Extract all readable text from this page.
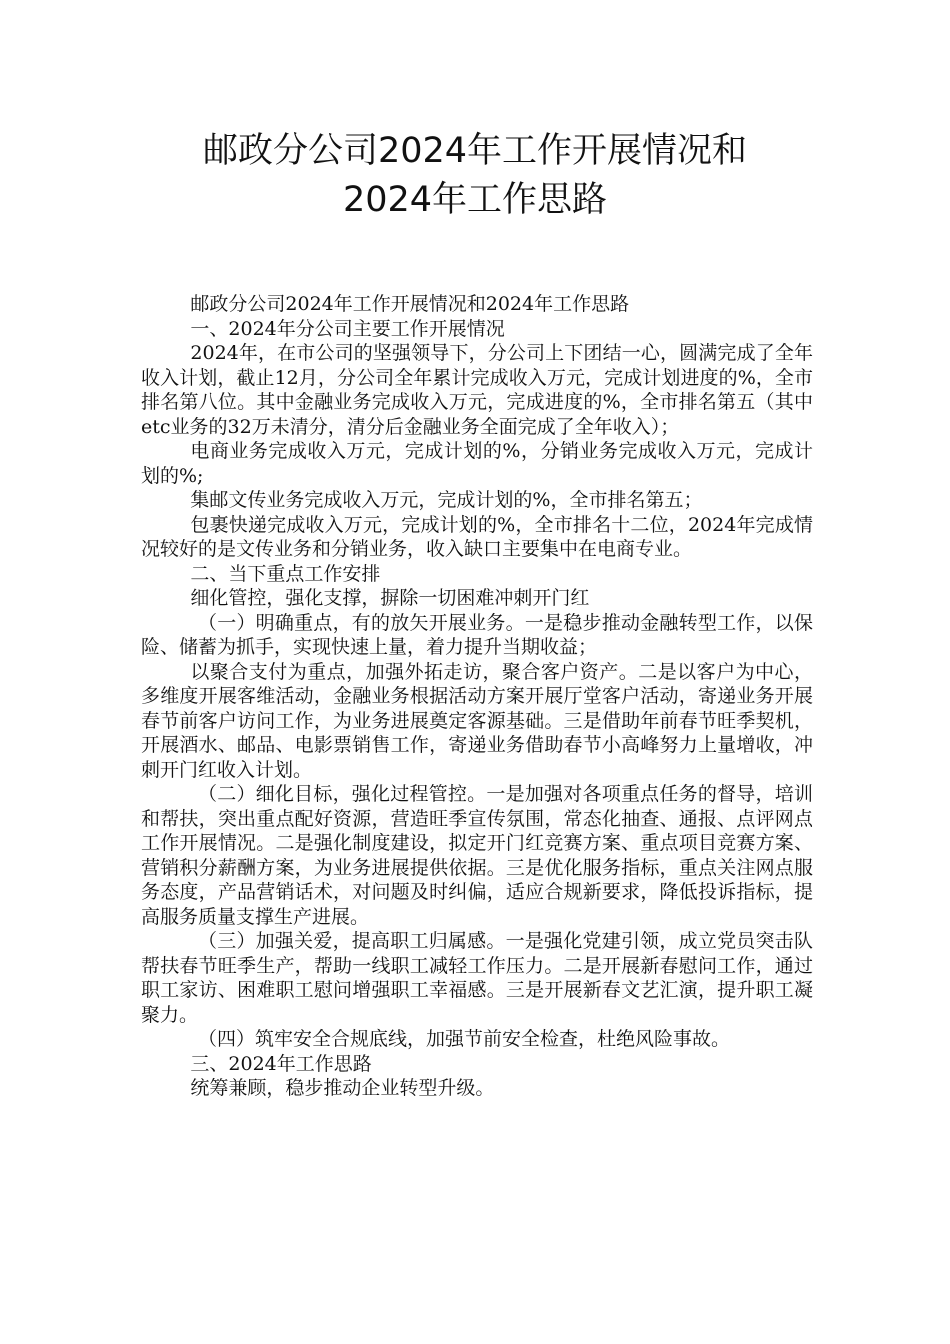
邮政分公司2024年工作开展情况和
2024年工作思路

邮政分公司2024年工作开展情况和2024年工作思路

一、2024年分公司主要工作开展情况

2024年，在市公司的坚强领导下，分公司上下团结一心，圆满完成了全年收入计划，截止12月，分公司全年累计完成收入万元，完成计划进度的%，全市排名第八位。其中金融业务完成收入万元，完成进度的%，全市排名第五（其中etc业务的32万未清分，清分后金融业务全面完成了全年收入）；

电商业务完成收入万元，完成计划的%，分销业务完成收入万元，完成计划的%;

集邮文传业务完成收入万元，完成计划的%，全市排名第五；

包裹快递完成收入万元，完成计划的%，全市排名十二位，2024年完成情况较好的是文传业务和分销业务，收入缺口主要集中在电商专业。

二、当下重点工作安排

细化管控，强化支撑，摒除一切困难冲刺开门红

（一）明确重点，有的放矢开展业务。一是稳步推动金融转型工作，以保险、储蓄为抓手，实现快速上量，着力提升当期收益；

以聚合支付为重点，加强外拓走访，聚合客户资产。二是以客户为中心，多维度开展客维活动，金融业务根据活动方案开展厅堂客户活动，寄递业务开展春节前客户访问工作，为业务进展奠定客源基础。三是借助年前春节旺季契机，开展酒水、邮品、电影票销售工作，寄递业务借助春节小高峰努力上量增收，冲刺开门红收入计划。

（二）细化目标，强化过程管控。一是加强对各项重点任务的督导，培训和帮扶，突出重点配好资源，营造旺季宣传氛围，常态化抽查、通报、点评网点工作开展情况。二是强化制度建设，拟定开门红竞赛方案、重点项目竞赛方案、营销积分薪酬方案，为业务进展提供依据。三是优化服务指标，重点关注网点服务态度，产品营销话术，对问题及时纠偏，适应合规新要求，降低投诉指标，提高服务质量支撑生产进展。

（三）加强关爱，提高职工归属感。一是强化党建引领，成立党员突击队帮扶春节旺季生产，帮助一线职工减轻工作压力。二是开展新春慰问工作，通过职工家访、困难职工慰问增强职工幸福感。三是开展新春文艺汇演，提升职工凝聚力。

（四）筑牢安全合规底线，加强节前安全检查，杜绝风险事故。

三、2024年工作思路

统筹兼顾，稳步推动企业转型升级。
